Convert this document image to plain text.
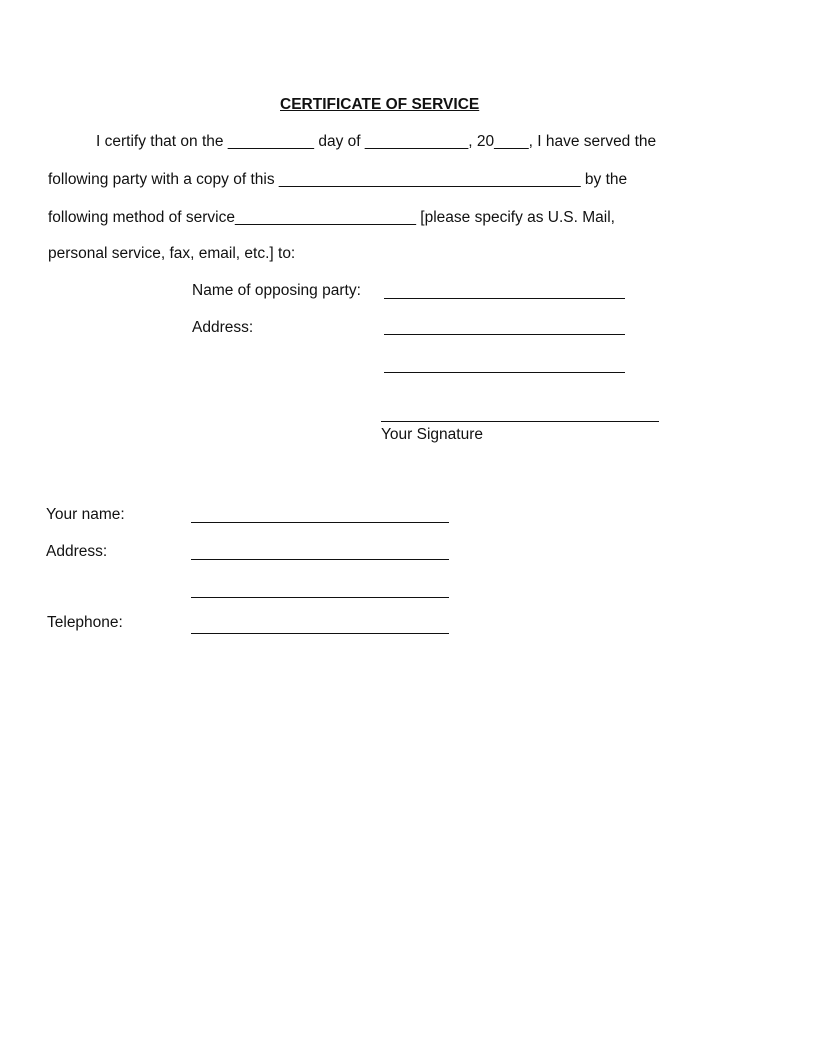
CERTIFICATE OF SERVICE
I certify that on the __________ day of ____________, 20____, I have served the
following party with a copy of this ___________________________________ by the
following method of service_____________________ [please specify as U.S. Mail,
personal service, fax, email, etc.] to:
Name of opposing party:
Address:
Your Signature
Your name:
Address:
Telephone:
